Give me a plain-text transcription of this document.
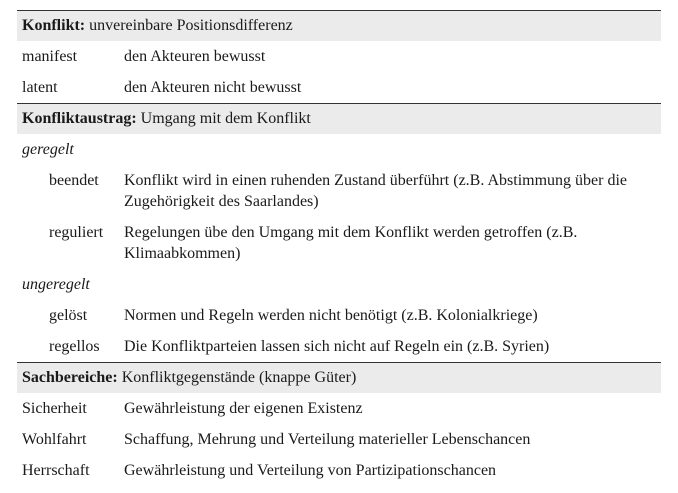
Konflikt: unvereinbare Positionsdifferenz
manifest	den Akteuren bewusst
latent	den Akteuren nicht bewusst
Konfliktaustrag: Umgang mit dem Konflikt
geregelt
beendet	Konflikt wird in einen ruhenden Zustand überführt (z.B. Abstimmung über die Zugehörigkeit des Saarlandes)
reguliert	Regelungen übe den Umgang mit dem Konflikt werden getroffen (z.B. Klimaabkommen)
ungeregelt
gelöst	Normen und Regeln werden nicht benötigt (z.B. Kolonialkriege)
regellos	Die Konfliktparteien lassen sich nicht auf Regeln ein (z.B. Syrien)
Sachbereiche: Konfliktgegenstände (knappe Güter)
Sicherheit	Gewährleistung der eigenen Existenz
Wohlfahrt	Schaffung, Mehrung und Verteilung materieller Lebenschancen
Herrschaft	Gewährleistung und Verteilung von Partizipationschancen
